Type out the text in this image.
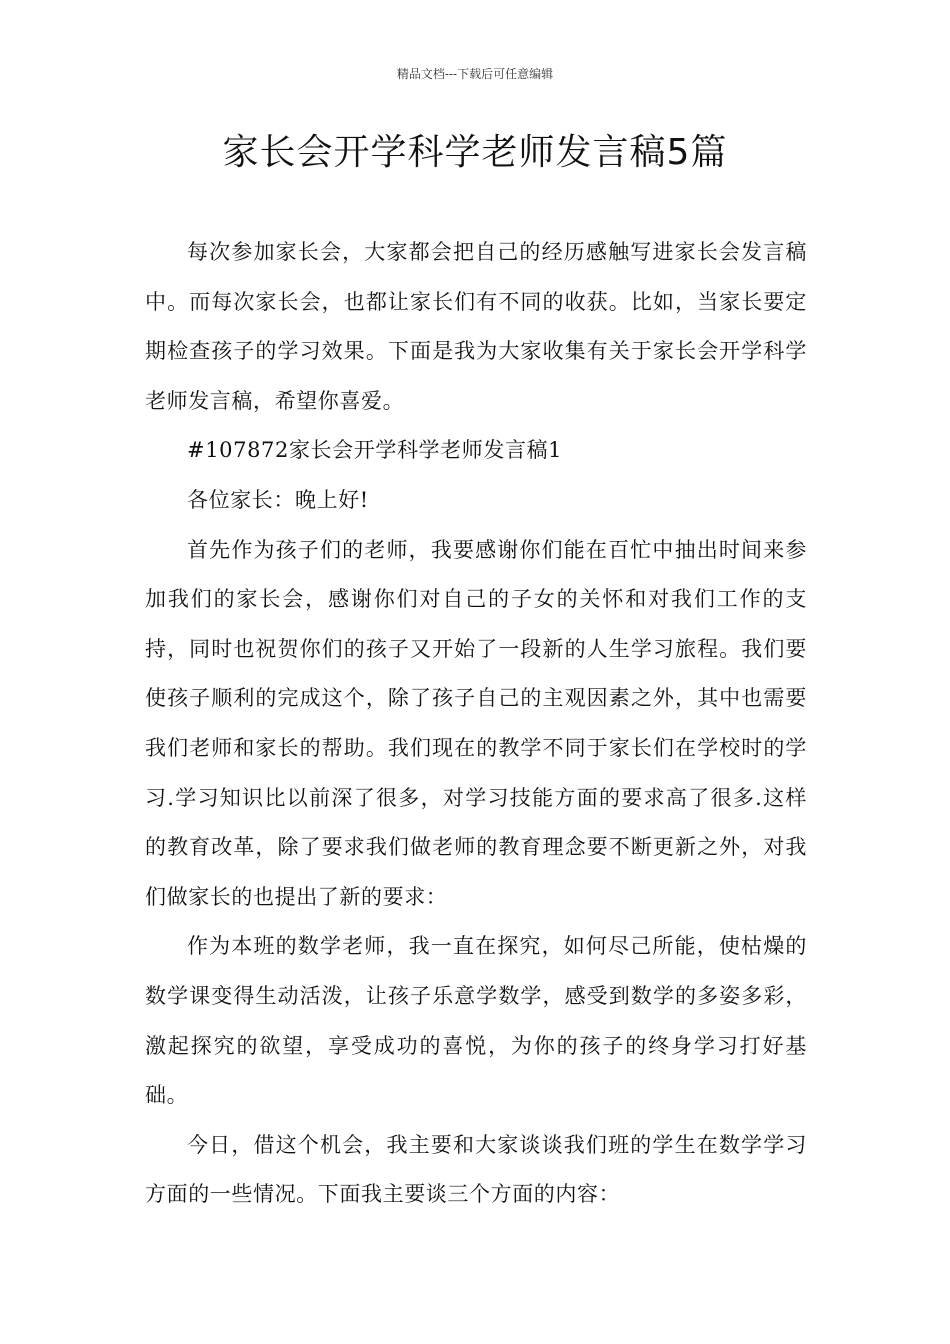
精品文档---下载后可任意编辑
家长会开学科学老师发言稿5篇

每次参加家长会，大家都会把自己的经历感触写进家长会发言稿中。而每次家长会，也都让家长们有不同的收获。比如，当家长要定期检查孩子的学习效果。下面是我为大家收集有关于家长会开学科学老师发言稿，希望你喜爱。

#107872家长会开学科学老师发言稿1

各位家长：晚上好!

首先作为孩子们的老师，我要感谢你们能在百忙中抽出时间来参加我们的家长会，感谢你们对自己的子女的关怀和对我们工作的支持，同时也祝贺你们的孩子又开始了一段新的人生学习旅程。我们要使孩子顺利的完成这个，除了孩子自己的主观因素之外，其中也需要我们老师和家长的帮助。我们现在的教学不同于家长们在学校时的学习.学习知识比以前深了很多，对学习技能方面的要求高了很多.这样的教育改革，除了要求我们做老师的教育理念要不断更新之外，对我们做家长的也提出了新的要求：

作为本班的数学老师，我一直在探究，如何尽己所能，使枯燥的数学课变得生动活泼，让孩子乐意学数学，感受到数学的多姿多彩，激起探究的欲望，享受成功的喜悦，为你的孩子的终身学习打好基础。

今日，借这个机会，我主要和大家谈谈我们班的学生在数学学习方面的一些情况。下面我主要谈三个方面的内容：
